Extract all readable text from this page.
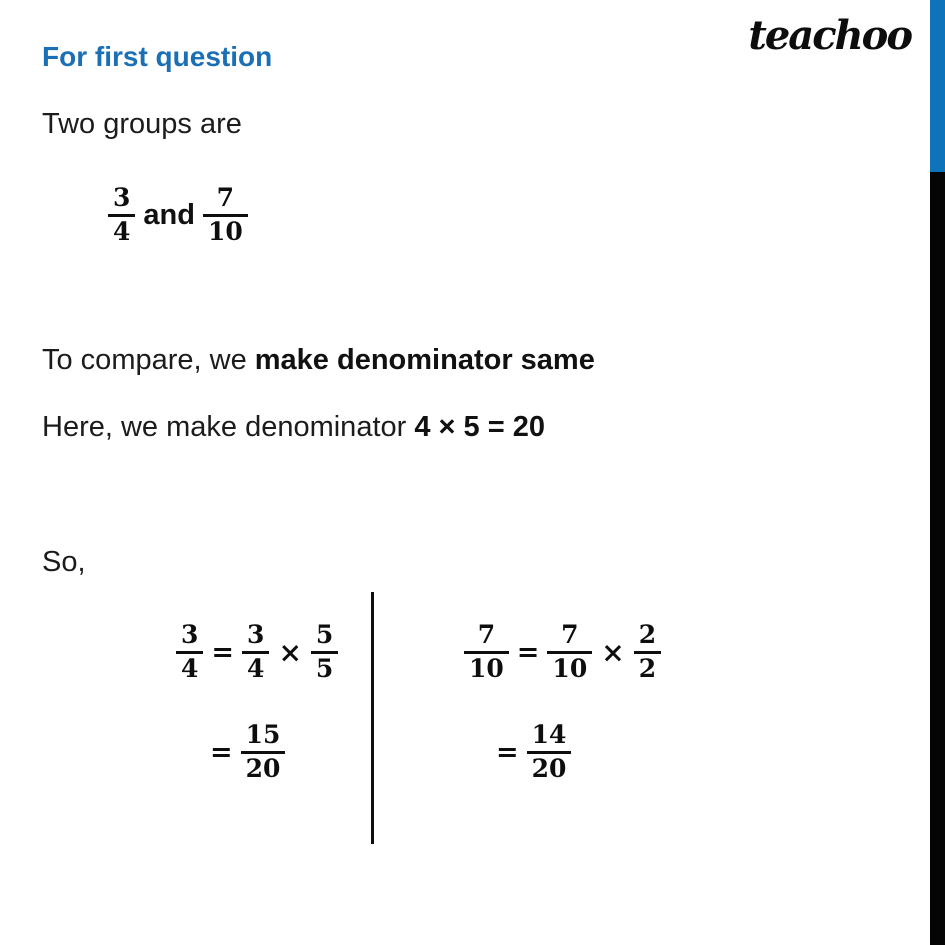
teachoo
For first question
Two groups are
$\frac{3}{4}$ and $\frac{7}{10}$
To compare, we make denominator same
Here, we make denominator 4 × 5 = 20
So,
$\frac{3}{4} = \frac{3}{4} \times \frac{5}{5}$	$\frac{7}{10} = \frac{7}{10} \times \frac{2}{2}$
= $\frac{15}{20}$	= $\frac{14}{20}$
